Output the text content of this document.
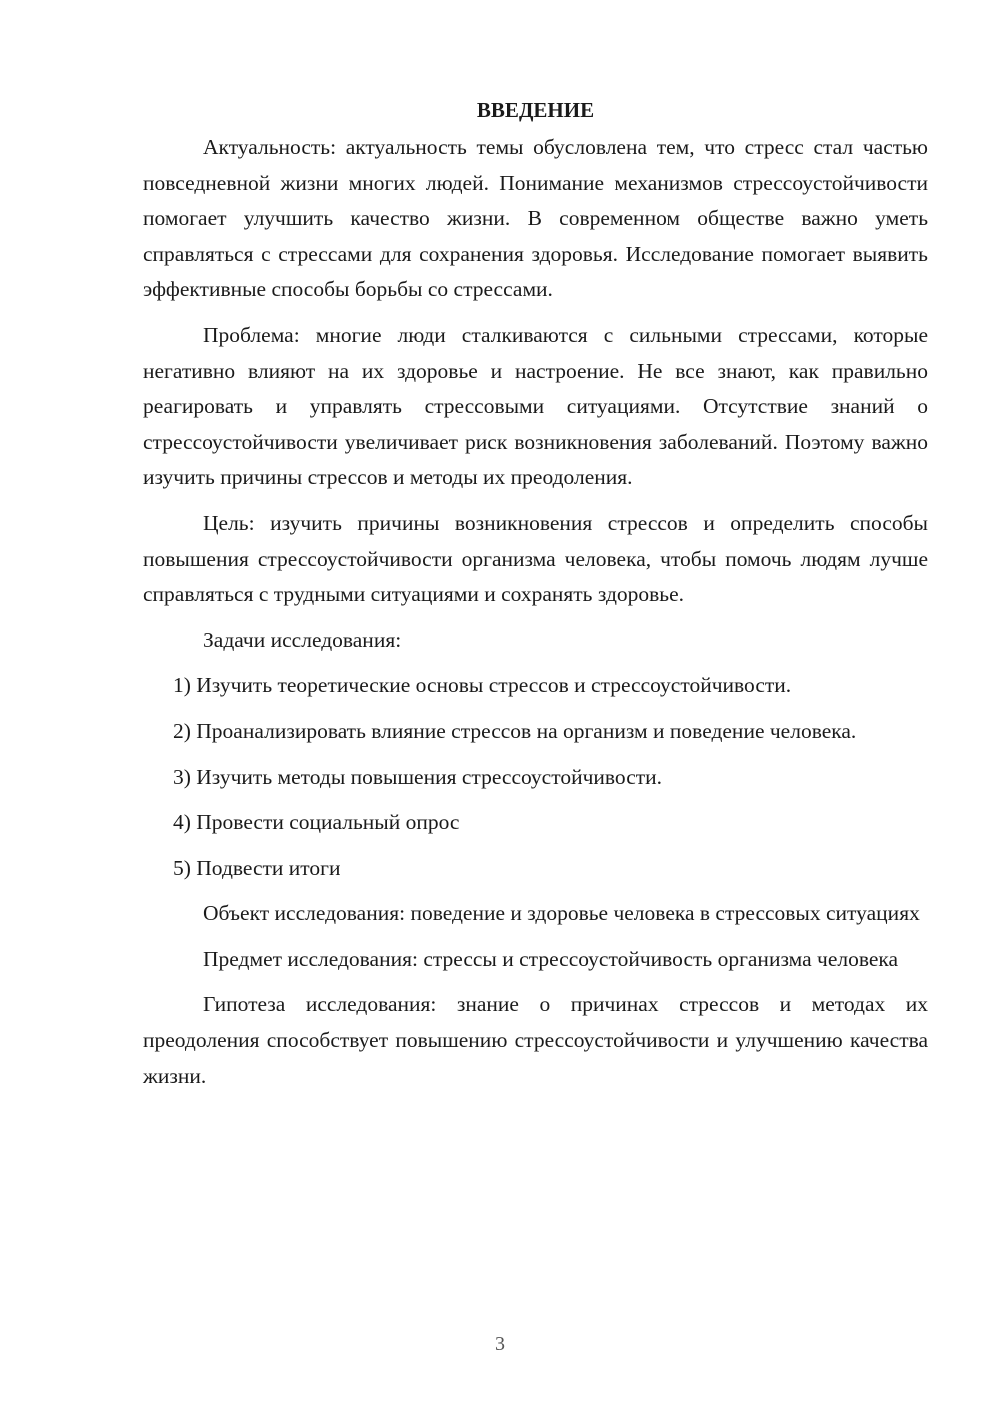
ВВЕДЕНИЕ

Актуальность: актуальность темы обусловлена тем, что стресс стал частью повседневной жизни многих людей. Понимание механизмов стрессоустойчивости помогает улучшить качество жизни. В современном обществе важно уметь справляться с стрессами для сохранения здоровья. Исследование помогает выявить эффективные способы борьбы со стрессами.

Проблема: многие люди сталкиваются с сильными стрессами, которые негативно влияют на их здоровье и настроение. Не все знают, как правильно реагировать и управлять стрессовыми ситуациями. Отсутствие знаний о стрессоустойчивости увеличивает риск возникновения заболеваний. Поэтому важно изучить причины стрессов и методы их преодоления.

Цель: изучить причины возникновения стрессов и определить способы повышения стрессоустойчивости организма человека, чтобы помочь людям лучше справляться с трудными ситуациями и сохранять здоровье.

Задачи исследования:

1) Изучить теоретические основы стрессов и стрессоустойчивости.

2) Проанализировать влияние стрессов на организм и поведение человека.

3) Изучить методы повышения стрессоустойчивости.

4) Провести социальный опрос

5) Подвести итоги

Объект исследования: поведение и здоровье человека в стрессовых ситуациях

Предмет исследования: стрессы и стрессоустойчивость организма человека

Гипотеза исследования: знание о причинах стрессов и методах их преодоления способствует повышению стрессоустойчивости и улучшению качества жизни.

3
